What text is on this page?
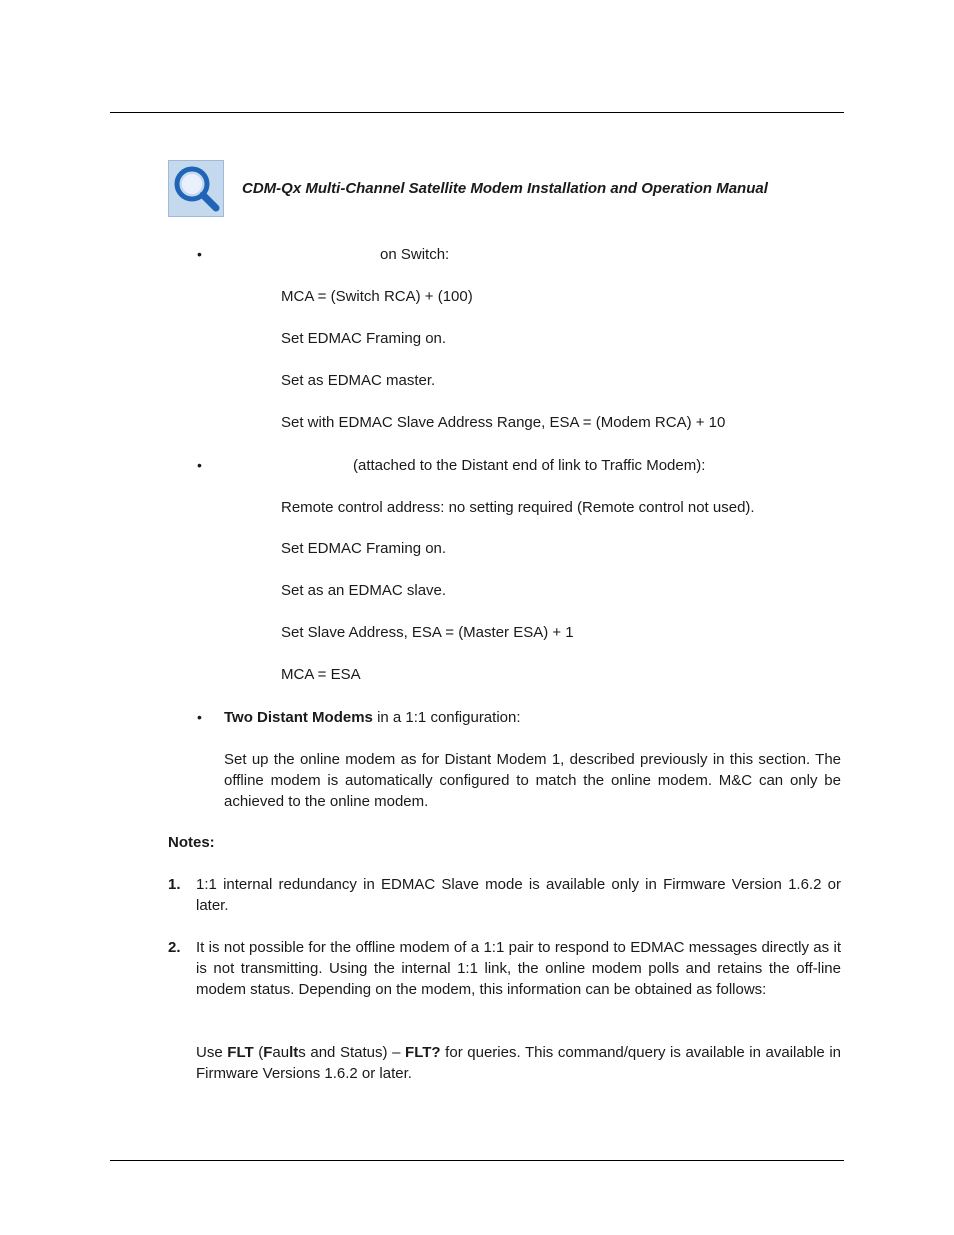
CDM-Qx Multi-Channel Satellite Modem Installation and Operation Manual
•	on Switch:
MCA = (Switch RCA) + (100)
Set EDMAC Framing on.
Set as EDMAC master.
Set with EDMAC Slave Address Range, ESA = (Modem RCA) + 10
•	(attached to the Distant end of link to Traffic Modem):
Remote control address: no setting required (Remote control not used).
Set EDMAC Framing on.
Set as an EDMAC slave.
Set Slave Address, ESA = (Master ESA) + 1
MCA = ESA
• Two Distant Modems in a 1:1 configuration:
Set up the online modem as for Distant Modem 1, described previously in this section. The offline modem is automatically configured to match the online modem. M&C can only be achieved to the online modem.
Notes:
1. 1:1 internal redundancy in EDMAC Slave mode is available only in Firmware Version 1.6.2 or later.
2. It is not possible for the offline modem of a 1:1 pair to respond to EDMAC messages directly as it is not transmitting. Using the internal 1:1 link, the online modem polls and retains the off-line modem status. Depending on the modem, this information can be obtained as follows:
Use FLT (Faults and Status) – FLT? for queries. This command/query is available in available in Firmware Versions 1.6.2 or later.
